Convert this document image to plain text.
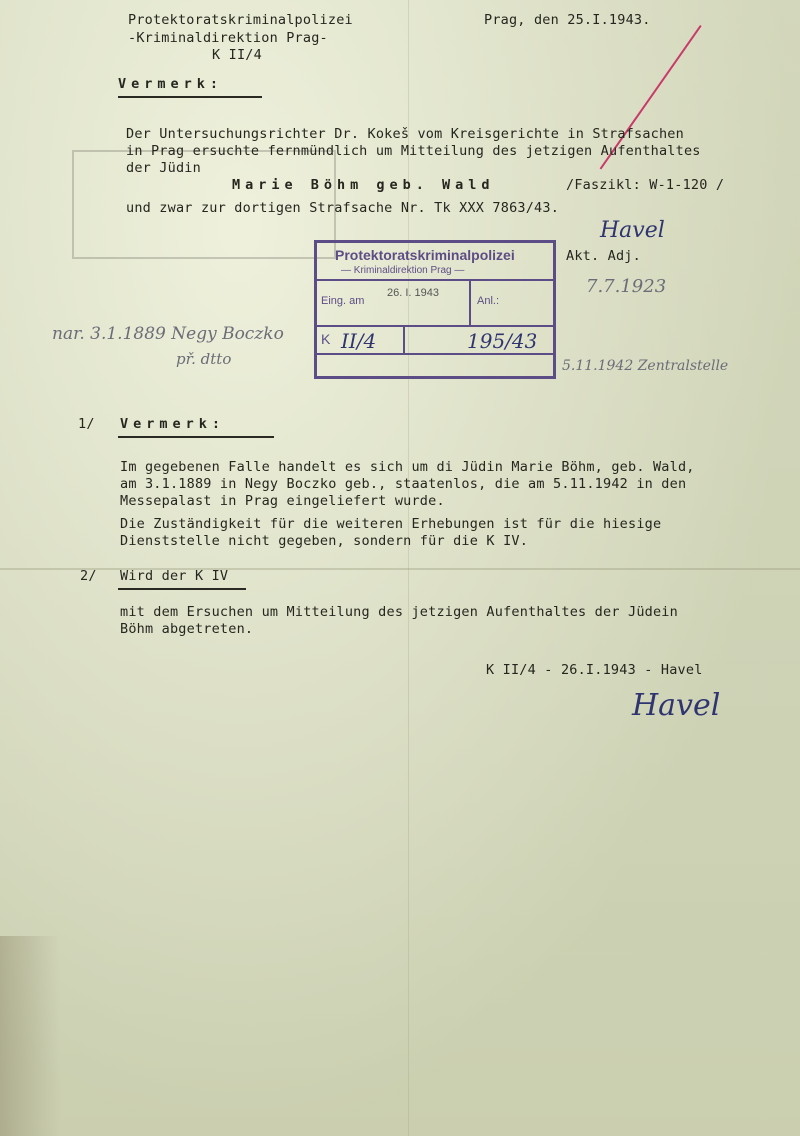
Protektoratskriminalpolizei
-Kriminaldirektion Prag-
K II/4
Prag, den 25.I.1943.
Vermerk:
Der Untersuchungsrichter Dr. Kokeš vom Kreisgerichte in Strafsachen
in Prag ersuchte fernmündlich um Mitteilung des jetzigen Aufenthaltes
der Jüdin
Marie Böhm geb. Wald	/Faszikl: W-1-120 /
und zwar zur dortigen Strafsache Nr. Tk XXX 7863/43.
Havel
Akt. Adj.
7.7.1923
nar. 3.1.1889 Negy Boczko
př. dtto	5.11.1942 Zentralstelle
Protektoratskriminalpolizei
— Kriminaldirektion Prag —
Eing. am
26. I. 1943
Anl.:
K II/4	195/43
1/ Vermerk:
Im gegebenen Falle handelt es sich um di Jüdin Marie Böhm, geb. Wald,
am 3.1.1889 in Negy Boczko geb., staatenlos, die am 5.11.1942 in den
Messepalast in Prag eingeliefert wurde.
Die Zuständigkeit für die weiteren Erhebungen ist für die hiesige
Dienststelle nicht gegeben, sondern für die K IV.
2/ Wird der K IV
mit dem Ersuchen um Mitteilung des jetzigen Aufenthaltes der Jüdein
Böhm abgetreten.
K II/4 - 26.I.1943 - Havel
Havel
